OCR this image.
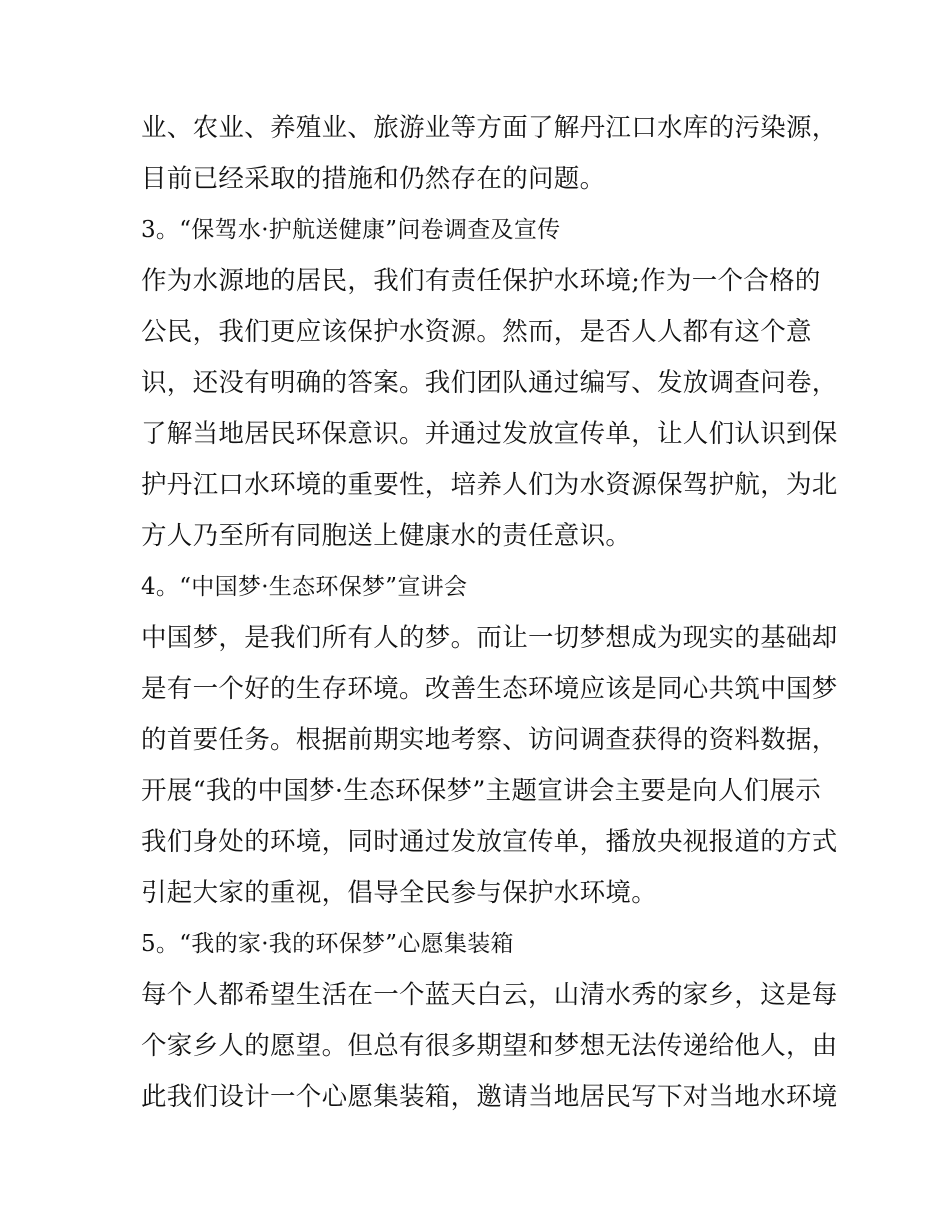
业、农业、养殖业、旅游业等方面了解丹江口水库的污染源，
目前已经采取的措施和仍然存在的问题。
3。“保驾水·护航送健康”问卷调查及宣传
作为水源地的居民，我们有责任保护水环境;作为一个合格的
公民，我们更应该保护水资源。然而，是否人人都有这个意
识，还没有明确的答案。我们团队通过编写、发放调查问卷，
了解当地居民环保意识。并通过发放宣传单，让人们认识到保
护丹江口水环境的重要性，培养人们为水资源保驾护航，为北
方人乃至所有同胞送上健康水的责任意识。
4。“中国梦·生态环保梦”宣讲会
中国梦，是我们所有人的梦。而让一切梦想成为现实的基础却
是有一个好的生存环境。改善生态环境应该是同心共筑中国梦
的首要任务。根据前期实地考察、访问调查获得的资料数据，
开展“我的中国梦·生态环保梦”主题宣讲会主要是向人们展示
我们身处的环境，同时通过发放宣传单，播放央视报道的方式
引起大家的重视，倡导全民参与保护水环境。
5。“我的家·我的环保梦”心愿集装箱
每个人都希望生活在一个蓝天白云，山清水秀的家乡，这是每
个家乡人的愿望。但总有很多期望和梦想无法传递给他人，由
此我们设计一个心愿集装箱，邀请当地居民写下对当地水环境
